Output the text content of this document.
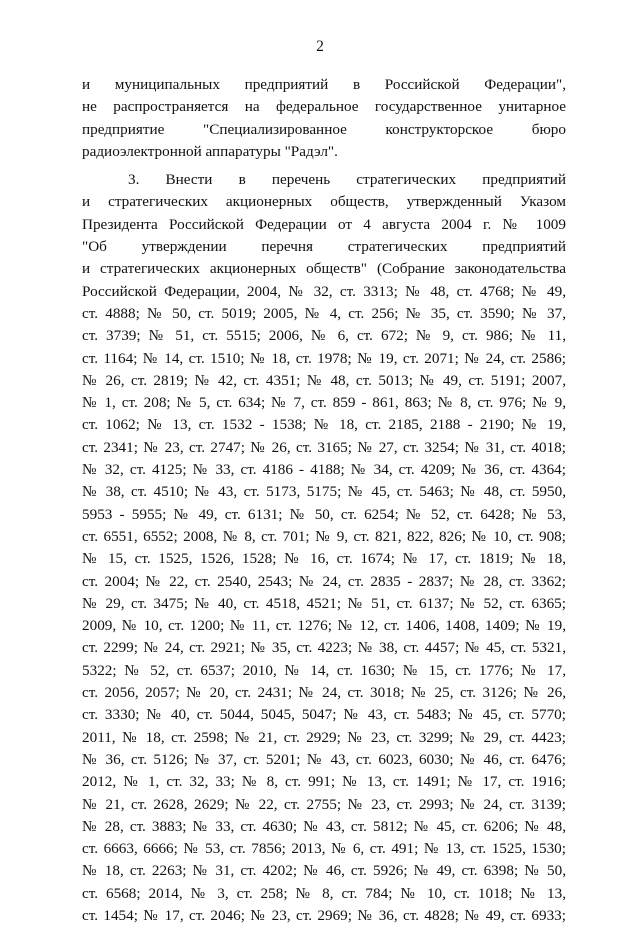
2
и муниципальных предприятий в Российской Федерации",
не распространяется на федеральное государственное унитарное
предприятие "Специализированное конструкторское бюро
радиоэлектронной аппаратуры "Радэл".
3. Внести в перечень стратегических предприятий
и стратегических акционерных обществ, утвержденный Указом
Президента Российской Федерации от 4 августа 2004 г. № 1009
"Об утверждении перечня стратегических предприятий
и стратегических акционерных обществ" (Собрание законодательства
Российской Федерации, 2004, № 32, ст. 3313; № 48, ст. 4768; № 49,
ст. 4888; № 50, ст. 5019; 2005, № 4, ст. 256; № 35, ст. 3590; № 37,
ст. 3739; № 51, ст. 5515; 2006, № 6, ст. 672; № 9, ст. 986; № 11,
ст. 1164; № 14, ст. 1510; № 18, ст. 1978; № 19, ст. 2071; № 24, ст. 2586;
№ 26, ст. 2819; № 42, ст. 4351; № 48, ст. 5013; № 49, ст. 5191; 2007,
№ 1, ст. 208; № 5, ст. 634; № 7, ст. 859 - 861, 863; № 8, ст. 976; № 9,
ст. 1062; № 13, ст. 1532 - 1538; № 18, ст. 2185, 2188 - 2190; № 19,
ст. 2341; № 23, ст. 2747; № 26, ст. 3165; № 27, ст. 3254; № 31, ст. 4018;
№ 32, ст. 4125; № 33, ст. 4186 - 4188; № 34, ст. 4209; № 36, ст. 4364;
№ 38, ст. 4510; № 43, ст. 5173, 5175; № 45, ст. 5463; № 48, ст. 5950,
5953 - 5955; № 49, ст. 6131; № 50, ст. 6254; № 52, ст. 6428; № 53,
ст. 6551, 6552; 2008, № 8, ст. 701; № 9, ст. 821, 822, 826; № 10, ст. 908;
№ 15, ст. 1525, 1526, 1528; № 16, ст. 1674; № 17, ст. 1819; № 18,
ст. 2004; № 22, ст. 2540, 2543; № 24, ст. 2835 - 2837; № 28, ст. 3362;
№ 29, ст. 3475; № 40, ст. 4518, 4521; № 51, ст. 6137; № 52, ст. 6365;
2009, № 10, ст. 1200; № 11, ст. 1276; № 12, ст. 1406, 1408, 1409; № 19,
ст. 2299; № 24, ст. 2921; № 35, ст. 4223; № 38, ст. 4457; № 45, ст. 5321,
5322; № 52, ст. 6537; 2010, № 14, ст. 1630; № 15, ст. 1776; № 17,
ст. 2056, 2057; № 20, ст. 2431; № 24, ст. 3018; № 25, ст. 3126; № 26,
ст. 3330; № 40, ст. 5044, 5045, 5047; № 43, ст. 5483; № 45, ст. 5770;
2011, № 18, ст. 2598; № 21, ст. 2929; № 23, ст. 3299; № 29, ст. 4423;
№ 36, ст. 5126; № 37, ст. 5201; № 43, ст. 6023, 6030; № 46, ст. 6476;
2012, № 1, ст. 32, 33; № 8, ст. 991; № 13, ст. 1491; № 17, ст. 1916;
№ 21, ст. 2628, 2629; № 22, ст. 2755; № 23, ст. 2993; № 24, ст. 3139;
№ 28, ст. 3883; № 33, ст. 4630; № 43, ст. 5812; № 45, ст. 6206; № 48,
ст. 6663, 6666; № 53, ст. 7856; 2013, № 6, ст. 491; № 13, ст. 1525, 1530;
№ 18, ст. 2263; № 31, ст. 4202; № 46, ст. 5926; № 49, ст. 6398; № 50,
ст. 6568; 2014, № 3, ст. 258; № 8, ст. 784; № 10, ст. 1018; № 13,
ст. 1454; № 17, ст. 2046; № 23, ст. 2969; № 36, ст. 4828; № 49, ст. 6933;
